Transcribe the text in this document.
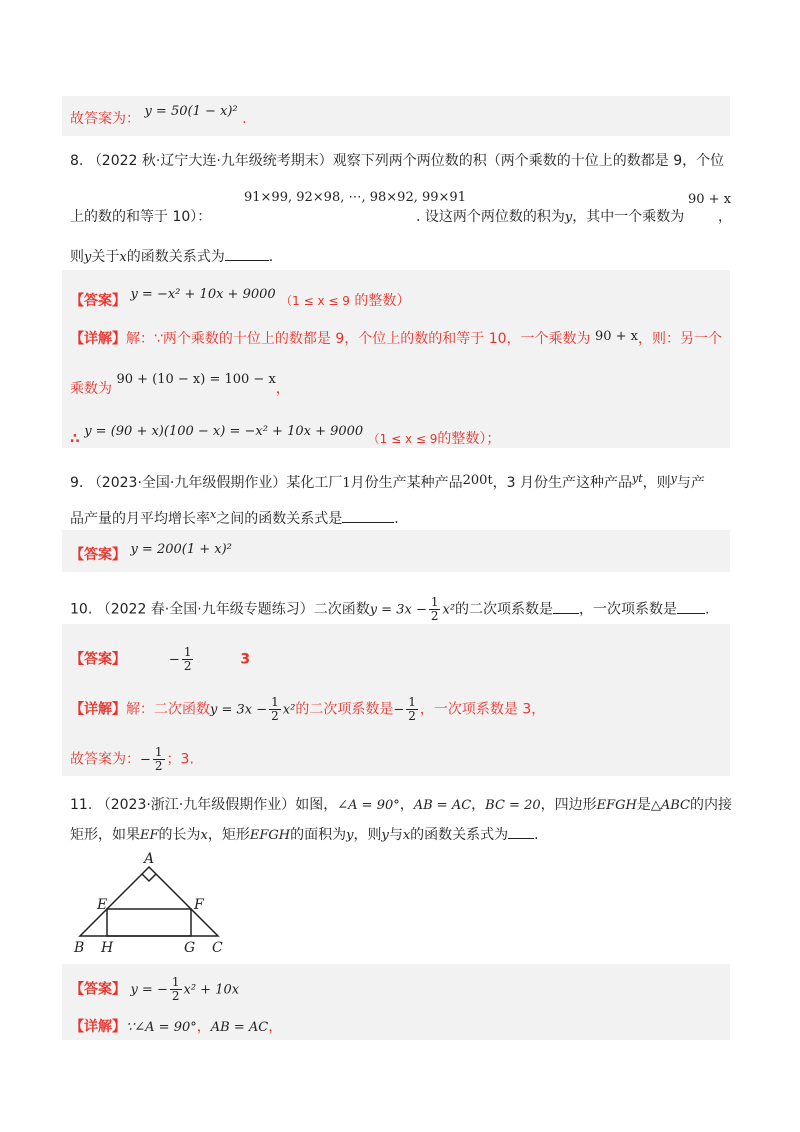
故答案为： y = 50(1 − x)² .
8. （2022 秋·辽宁大连·九年级统考期末）观察下列两个两位数的积（两个乘数的十位上的数都是 9，个位
91×99, 92×98, ⋯, 98×92, 99×91
上的数的和等于 10）：	. 设这两个两位数的积为y，其中一个乘数为
90 + x
，
则y关于x的函数关系式为	.
【答案】 y = −x² + 10x + 9000 （1 ≤ x ≤ 9 的整数）
【详解】解：∵两个乘数的十位上的数都是 9，个位上的数的和等于 10，一个乘数为 90 + x，则：另一个
乘数为 90 + (10 − x) = 100 − x，
∴ y = (90 + x)(100 − x) = −x² + 10x + 9000 （1 ≤ x ≤ 9的整数）；
9. （2023·全国·九年级假期作业）某化工厂1月份生产某种产品200t，3 月份生产这种产品$^{yt}$，则$^y$与产
品产量的月平均增长率$^x$之间的函数关系式是	.
【答案】 y = 200(1 + x)²
10. （2022 春·全国·九年级专题练习）二次函数$y = 3x - \frac{1}{2} x^2$的二次项系数是 ，一次项系数是 .
【答案】	− $\frac{1}{2}$	3
【详解】解：二次函数$y = 3x - \frac{1}{2} x^2$的二次项系数是− $\frac{1}{2}$ ，一次项系数是 3，
故答案为：− $\frac{1}{2}$ ；3.
11. （2023·浙江·九年级假期作业）如图，∠A = 90°，AB = AC，BC = 20，四边形EFGH是△ABC的内接
矩形，如果EF的长为x，矩形EFGH的面积为y，则y与x的函数关系式为 .
A
B	C
E	F
G
H
【答案】 y = − $\frac{1}{2} x^2 + 10x$
【详解】∵∠A = 90°，AB = AC，
